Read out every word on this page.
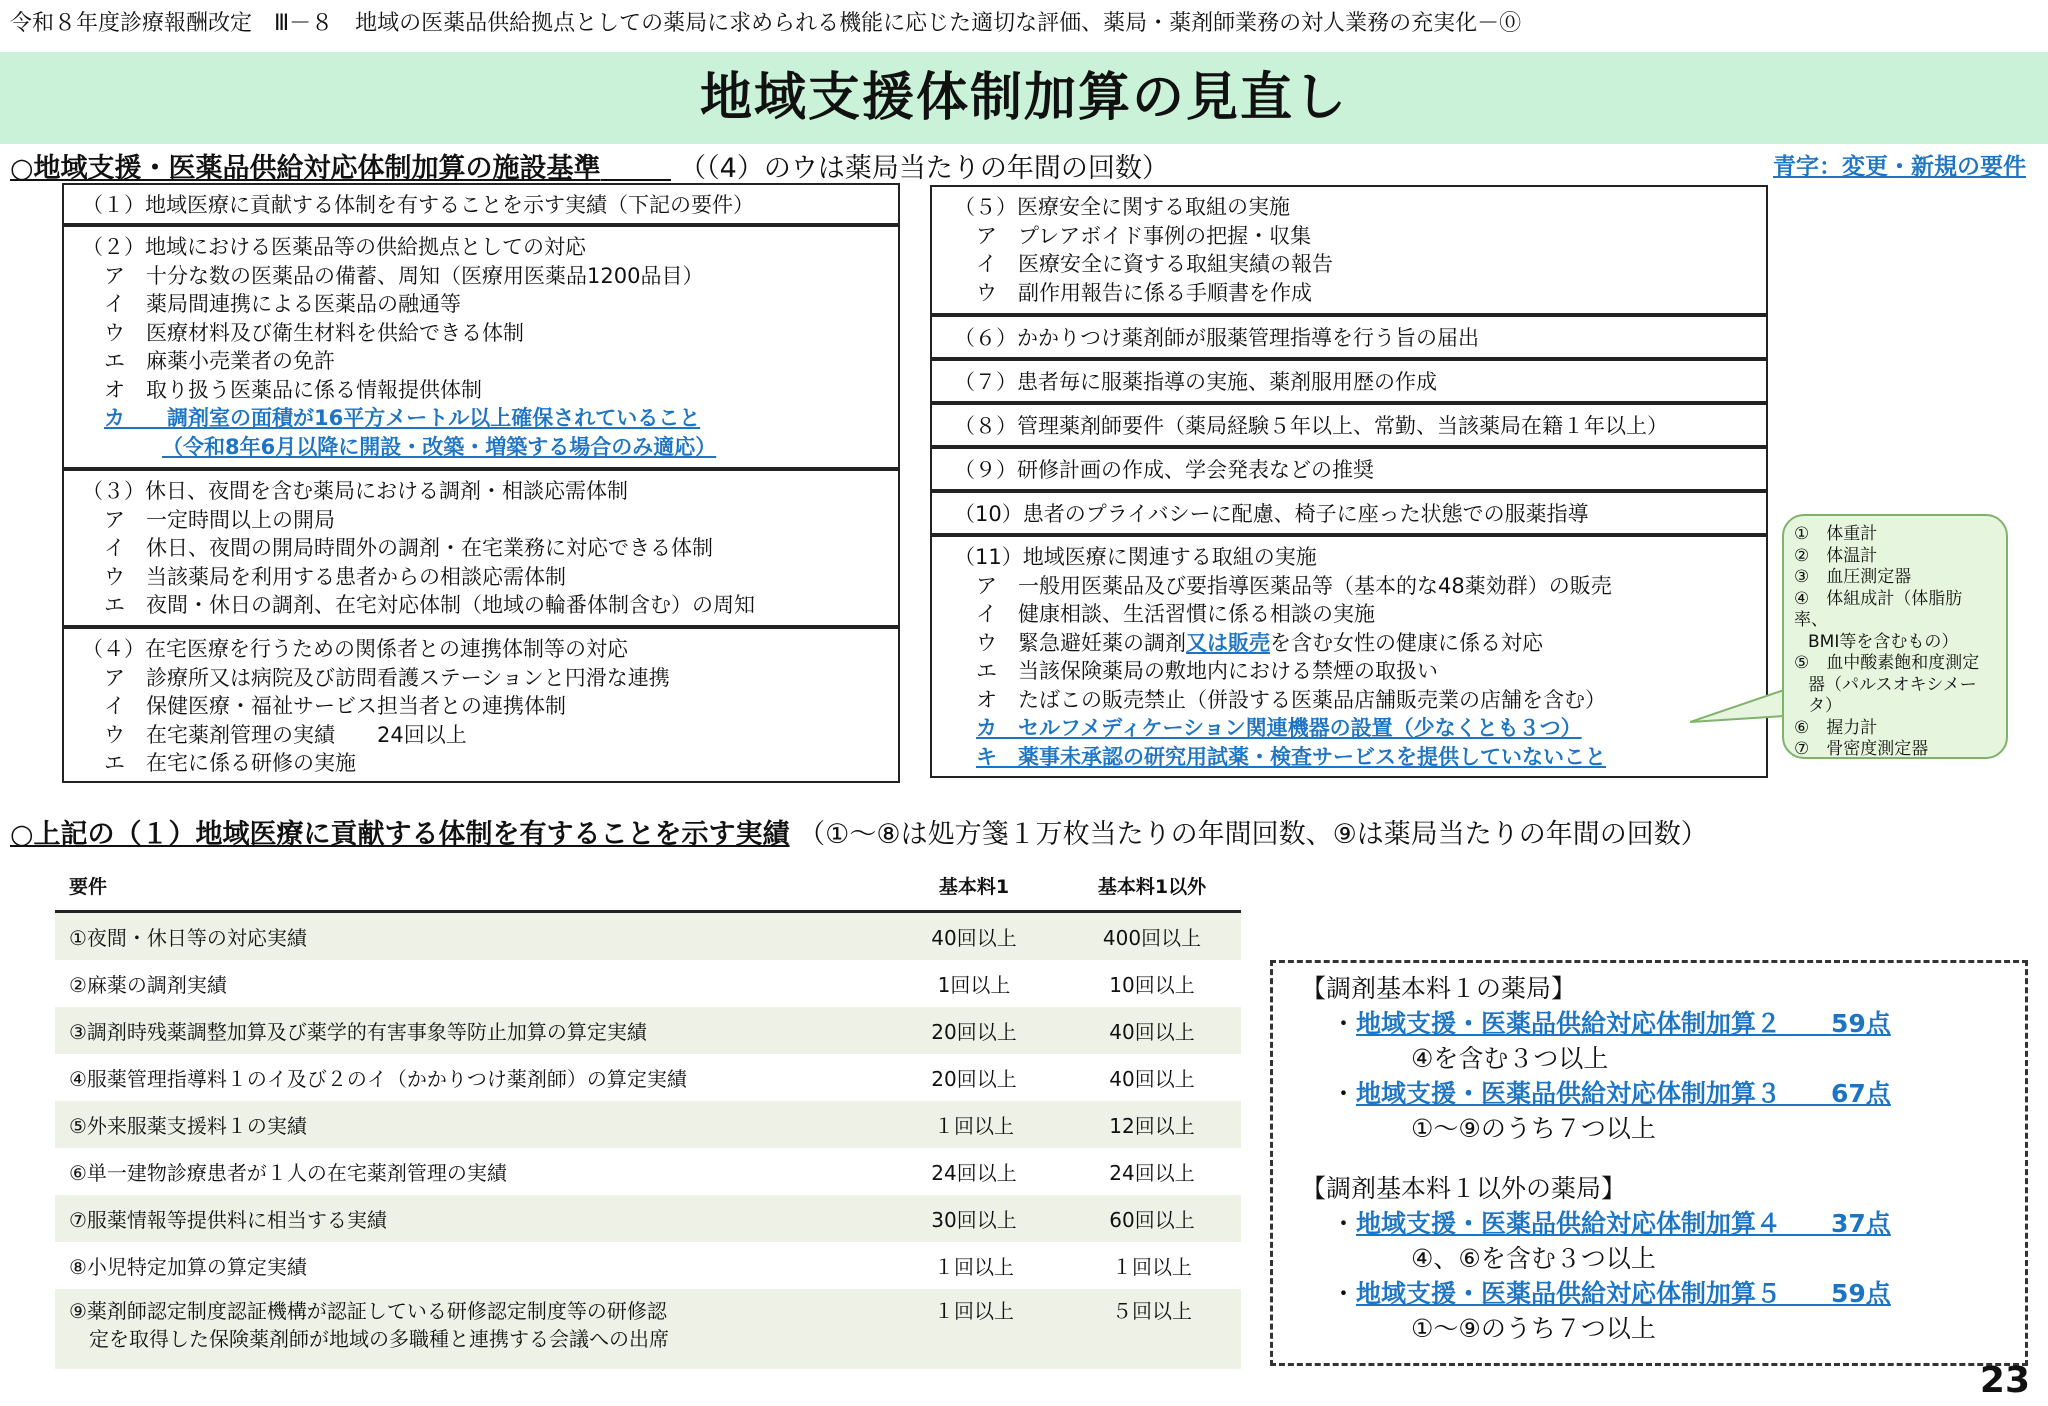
令和８年度診療報酬改定　Ⅲ－８　地域の医薬品供給拠点としての薬局に求められる機能に応じた適切な評価、薬局・薬剤師業務の対人業務の充実化－⓪
地域支援体制加算の見直し
○地域支援・医薬品供給対応体制加算の施設基準	（（4）のウは薬局当たりの年間の回数）	青字：変更・新規の要件
（１）地域医療に貢献する体制を有することを示す実績（下記の要件）
（２）地域における医薬品等の供給拠点としての対応
ア　十分な数の医薬品の備蓄、周知（医療用医薬品1200品目）
イ　薬局間連携による医薬品の融通等
ウ　医療材料及び衛生材料を供給できる体制
エ　麻薬小売業者の免許
オ　取り扱う医薬品に係る情報提供体制
カ　　調剤室の面積が16平方メートル以上確保されていること
（令和8年6月以降に開設・改築・増築する場合のみ適応）
（３）休日、夜間を含む薬局における調剤・相談応需体制
ア　一定時間以上の開局
イ　休日、夜間の開局時間外の調剤・在宅業務に対応できる体制
ウ　当該薬局を利用する患者からの相談応需体制
エ　夜間・休日の調剤、在宅対応体制（地域の輪番体制含む）の周知
（４）在宅医療を行うための関係者との連携体制等の対応
ア　診療所又は病院及び訪問看護ステーションと円滑な連携
イ　保健医療・福祉サービス担当者との連携体制
ウ　在宅薬剤管理の実績　　24回以上
エ　在宅に係る研修の実施
（５）医療安全に関する取組の実施
ア　プレアボイド事例の把握・収集
イ　医療安全に資する取組実績の報告
ウ　副作用報告に係る手順書を作成
（６）かかりつけ薬剤師が服薬管理指導を行う旨の届出
（７）患者毎に服薬指導の実施、薬剤服用歴の作成
（８）管理薬剤師要件（薬局経験５年以上、常勤、当該薬局在籍１年以上）
（９）研修計画の作成、学会発表などの推奨
（10）患者のプライバシーに配慮、椅子に座った状態での服薬指導
（11）地域医療に関連する取組の実施
ア　一般用医薬品及び要指導医薬品等（基本的な48薬効群）の販売
イ　健康相談、生活習慣に係る相談の実施
ウ　緊急避妊薬の調剤又は販売を含む女性の健康に係る対応
エ　当該保険薬局の敷地内における禁煙の取扱い
オ　たばこの販売禁止（併設する医薬品店舗販売業の店舗を含む）
カ　セルフメディケーション関連機器の設置（少なくとも３つ）
キ　薬事未承認の研究用試薬・検査サービスを提供していないこと
①　体重計
②　体温計
③　血圧測定器
④　体組成計（体脂肪率、
BMI等を含むもの）
⑤　血中酸素飽和度測定
器（パルスオキシメータ）
⑥　握力計
⑦　骨密度測定器
○上記の（１）地域医療に貢献する体制を有することを示す実績 （①～⑧は処方箋１万枚当たりの年間回数、⑨は薬局当たりの年間の回数）
要件	基本料1	基本料1以外
①夜間・休日等の対応実績	40回以上	400回以上
②麻薬の調剤実績	1回以上	10回以上
③調剤時残薬調整加算及び薬学的有害事象等防止加算の算定実績	20回以上	40回以上
④服薬管理指導料１のイ及び２のイ（かかりつけ薬剤師）の算定実績	20回以上	40回以上
⑤外来服薬支援料１の実績	１回以上	12回以上
⑥単一建物診療患者が１人の在宅薬剤管理の実績	24回以上	24回以上
⑦服薬情報等提供料に相当する実績	30回以上	60回以上
⑧小児特定加算の算定実績	１回以上	１回以上

⑨薬剤師認定制度認証機構が認証している研修認定制度等の研修認
定を取得した保険薬剤師が地域の多職種と連携する会議への出席	１回以上	５回以上
【調剤基本料１の薬局】
・地域支援・医薬品供給対応体制加算２　　59点
④を含む３つ以上
・地域支援・医薬品供給対応体制加算３　　67点
①～⑨のうち７つ以上
【調剤基本料１以外の薬局】
・地域支援・医薬品供給対応体制加算４　　37点
④、⑥を含む３つ以上
・地域支援・医薬品供給対応体制加算５　　59点
①～⑨のうち７つ以上
23
